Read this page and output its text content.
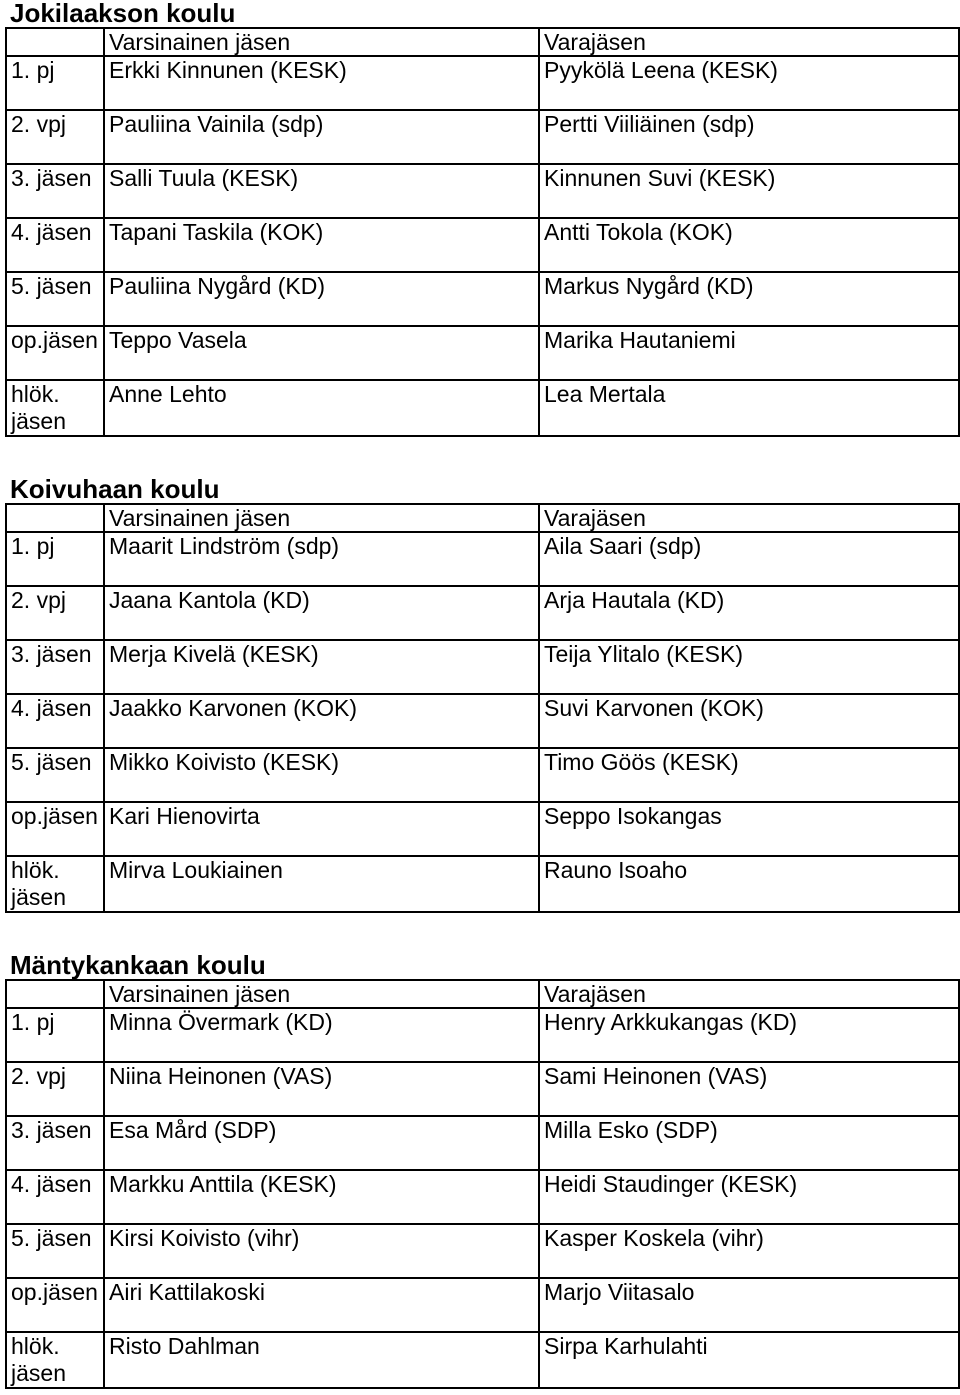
Jokilaakson koulu
	Varsinainen jäsen	Varajäsen

1. pj	Erkki Kinnunen (KESK)	Pyykölä Leena (KESK)

2. vpj	Pauliina Vainila (sdp)	Pertti Viiliäinen (sdp)

3. jäsen	Salli Tuula (KESK)	Kinnunen Suvi (KESK)

4. jäsen	Tapani Taskila (KOK)	Antti Tokola (KOK)

5. jäsen	Pauliina Nygård (KD)	Markus Nygård (KD)

op.jäsen	Teppo Vasela	Marika Hautaniemi

hlök.
jäsen	Anne Lehto	Lea Mertala
Koivuhaan koulu
	Varsinainen jäsen	Varajäsen

1. pj	Maarit Lindström (sdp)	Aila Saari (sdp)

2. vpj	Jaana Kantola (KD)	Arja Hautala (KD)

3. jäsen	Merja Kivelä (KESK)	Teija Ylitalo (KESK)

4. jäsen	Jaakko Karvonen (KOK)	Suvi Karvonen (KOK)

5. jäsen	Mikko Koivisto (KESK)	Timo Göös (KESK)

op.jäsen	Kari Hienovirta	Seppo Isokangas

hlök.
jäsen	Mirva Loukiainen	Rauno Isoaho
Mäntykankaan koulu
	Varsinainen jäsen	Varajäsen

1. pj	Minna Övermark (KD)	Henry Arkkukangas (KD)

2. vpj	Niina Heinonen (VAS)	Sami Heinonen (VAS)

3. jäsen	Esa Mård (SDP)	Milla Esko (SDP)

4. jäsen	Markku Anttila (KESK)	Heidi Staudinger (KESK)

5. jäsen	Kirsi Koivisto (vihr)	Kasper Koskela (vihr)

op.jäsen	Airi Kattilakoski	Marjo Viitasalo

hlök.
jäsen	Risto Dahlman	Sirpa Karhulahti
